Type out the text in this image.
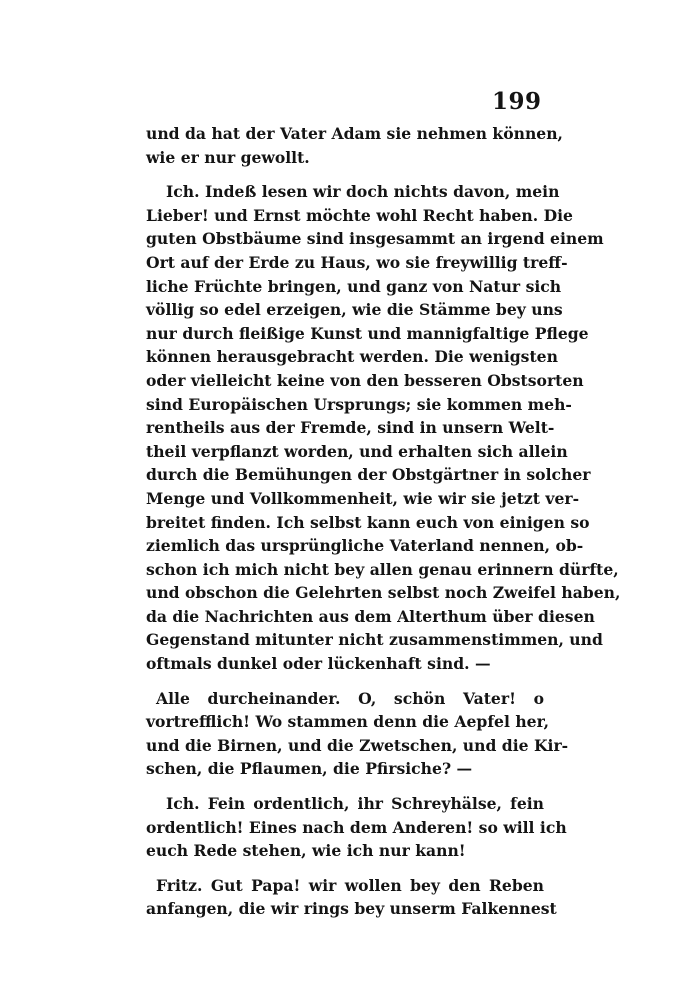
199
und da hat der Vater Adam sie nehmen können,
wie er nur gewollt.
Ich. Indeß lesen wir doch nichts davon, mein
Lieber! und Ernst möchte wohl Recht haben. Die
guten Obstbäume sind insgesammt an irgend einem
Ort auf der Erde zu Haus, wo sie freywillig treff-
liche Früchte bringen, und ganz von Natur sich
völlig so edel erzeigen, wie die Stämme bey uns
nur durch fleißige Kunst und mannigfaltige Pflege
können herausgebracht werden. Die wenigsten
oder vielleicht keine von den besseren Obstsorten
sind Europäischen Ursprungs; sie kommen meh-
rentheils aus der Fremde, sind in unsern Welt-
theil verpflanzt worden, und erhalten sich allein
durch die Bemühungen der Obstgärtner in solcher
Menge und Vollkommenheit, wie wir sie jetzt ver-
breitet finden. Ich selbst kann euch von einigen so
ziemlich das ursprüngliche Vaterland nennen, ob-
schon ich mich nicht bey allen genau erinnern dürfte,
und obschon die Gelehrten selbst noch Zweifel haben,
da die Nachrichten aus dem Alterthum über diesen
Gegenstand mitunter nicht zusammenstimmen, und
oftmals dunkel oder lückenhaft sind. —
Alle durcheinander. O, schön Vater! o
vortrefflich! Wo stammen denn die Aepfel her,
und die Birnen, und die Zwetschen, und die Kir-
schen, die Pflaumen, die Pfirsiche? —
Ich. Fein ordentlich, ihr Schreyhälse, fein
ordentlich! Eines nach dem Anderen! so will ich
euch Rede stehen, wie ich nur kann!
Fritz. Gut Papa! wir wollen bey den Reben
anfangen, die wir rings bey unserm Falkennest
